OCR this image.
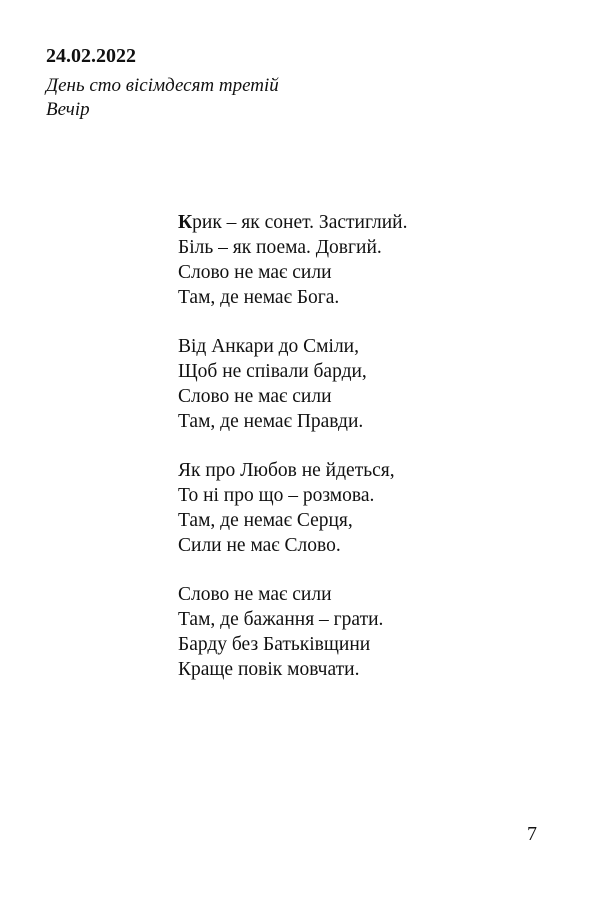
24.02.2022

День сто вісімдесят третій

Вечір

Крик – як сонет. Застиглий.
Біль – як поема. Довгий.
Слово не має сили
Там, де немає Бога.
Від Анкари до Сміли,
Щоб не співали барди,
Слово не має сили
Там, де немає Правди.
Як про Любов не йдеться,
То ні про що – розмова.
Там, де немає Серця,
Сили не має Слово.
Слово не має сили
Там, де бажання – грати.
Барду без Батьківщини
Краще повік мовчати.
7
